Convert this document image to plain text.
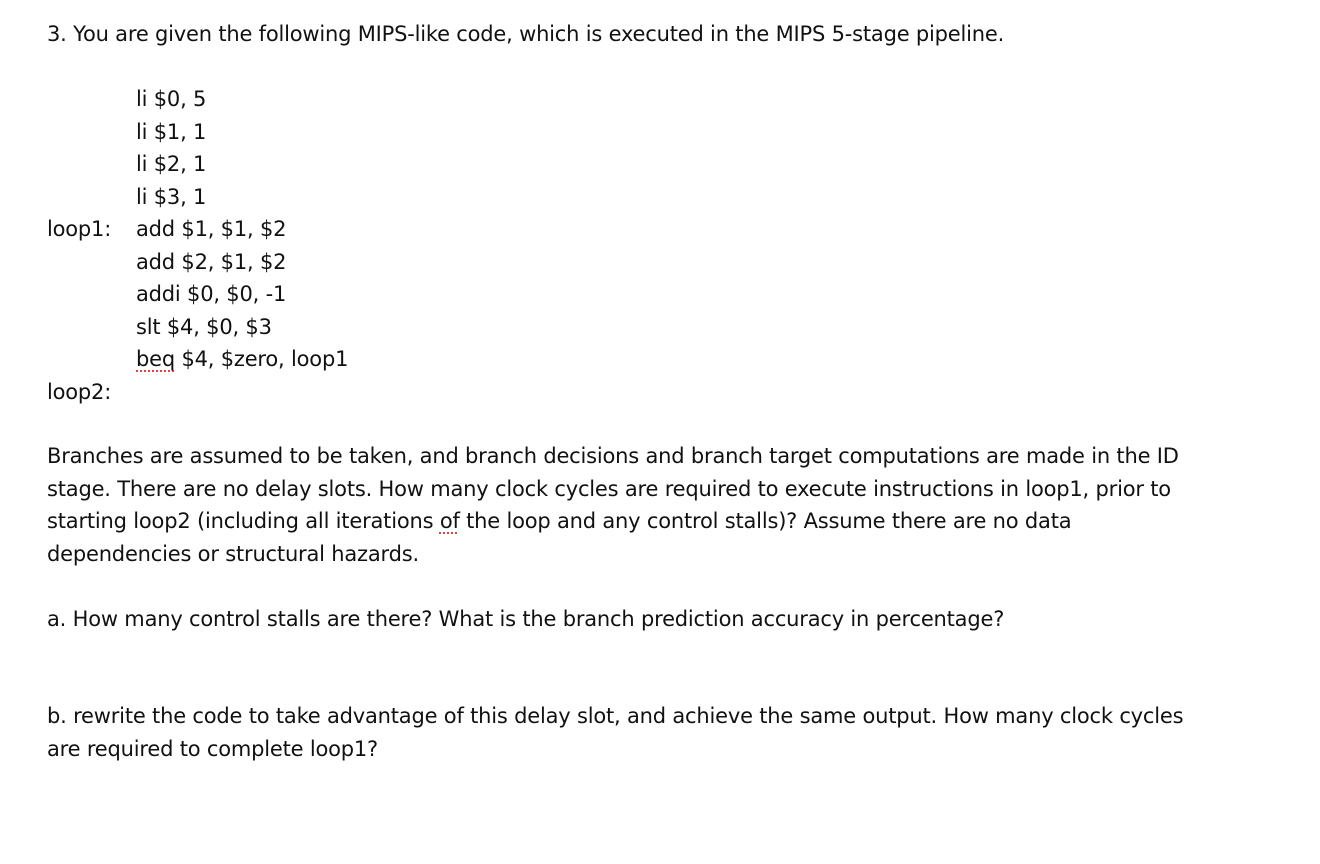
3. You are given the following MIPS-like code, which is executed in the MIPS 5-stage pipeline.
li $0, 5
li $1, 1
li $2, 1
li $3, 1
loop1:	add $1, $1, $2
add $2, $1, $2
addi $0, $0, -1
slt $4, $0, $3
beq $4, $zero, loop1
loop2:
Branches are assumed to be taken, and branch decisions and branch target computations are made in the ID stage. There are no delay slots. How many clock cycles are required to execute instructions in loop1, prior to starting loop2 (including all iterations of the loop and any control stalls)? Assume there are no data dependencies or structural hazards.
a. How many control stalls are there? What is the branch prediction accuracy in percentage?
b. rewrite the code to take advantage of this delay slot, and achieve the same output. How many clock cycles are required to complete loop1?
